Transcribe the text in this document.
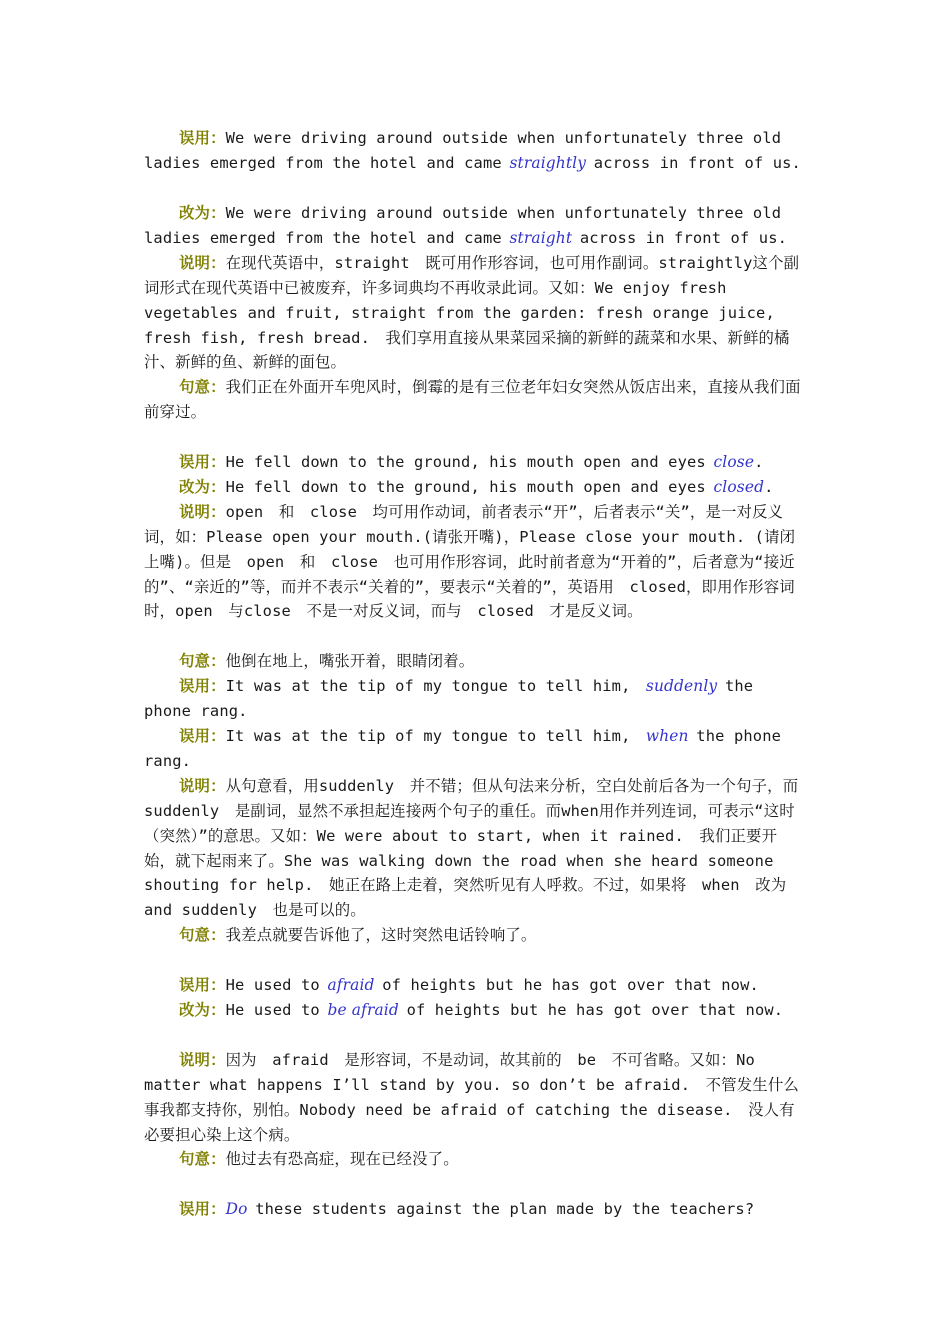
误用：We were driving around outside when unfortunately three old ladies emerged from the hotel and came straightly across in front of us.

改为：We were driving around outside when unfortunately three old ladies emerged from the hotel and came straight across in front of us.

说明：在现代英语中，straight　既可用作形容词，也可用作副词。straightly这个副词形式在现代英语中已被废弃，许多词典均不再收录此词。又如：We enjoy fresh vegetables and fruit, straight from the garden: fresh orange juice, fresh fish, fresh bread.　我们享用直接从果菜园采摘的新鲜的蔬菜和水果、新鲜的橘汁、新鲜的鱼、新鲜的面包。

句意：我们正在外面开车兜风时，倒霉的是有三位老年妇女突然从饭店出来，直接从我们面前穿过。

误用：He fell down to the ground, his mouth open and eyes close.

改为：He fell down to the ground, his mouth open and eyes closed.

说明：open　和　close　均可用作动词，前者表示“开”，后者表示“关”，是一对反义词，如：Please open your mouth.(请张开嘴)，Please close your mouth. (请闭上嘴)。但是　open　和　close　也可用作形容词，此时前者意为“开着的”，后者意为“接近的”、“亲近的”等，而并不表示“关着的”，要表示“关着的”，英语用　closed，即用作形容词时，open　与close　不是一对反义词，而与　closed　才是反义词。

句意：他倒在地上，嘴张开着，眼睛闭着。

误用：It was at the tip of my tongue to tell him, suddenly the phone rang.

误用：It was at the tip of my tongue to tell him, when the phone rang.

说明：从句意看，用suddenly　并不错；但从句法来分析，空白处前后各为一个句子，而　suddenly　是副词，显然不承担起连接两个句子的重任。而when用作并列连词，可表示“这时（突然）”的意思。又如：We were about to start, when it rained.　我们正要开始，就下起雨来了。She was walking down the road when she heard someone shouting for help.　她正在路上走着，突然听见有人呼救。不过，如果将　when　改为　and suddenly　也是可以的。

句意：我差点就要告诉他了，这时突然电话铃响了。

误用：He used to afraid of heights but he has got over that now.

改为：He used to be afraid of heights but he has got over that now.

说明：因为　afraid　是形容词，不是动词，故其前的　be　不可省略。又如：No matter what happens I’ll stand by you. so don’t be afraid.　不管发生什么事我都支持你，别怕。Nobody need be afraid of catching the disease.　没人有必要担心染上这个病。

句意：他过去有恐高症，现在已经没了。

误用：Do these students against the plan made by the teachers?
